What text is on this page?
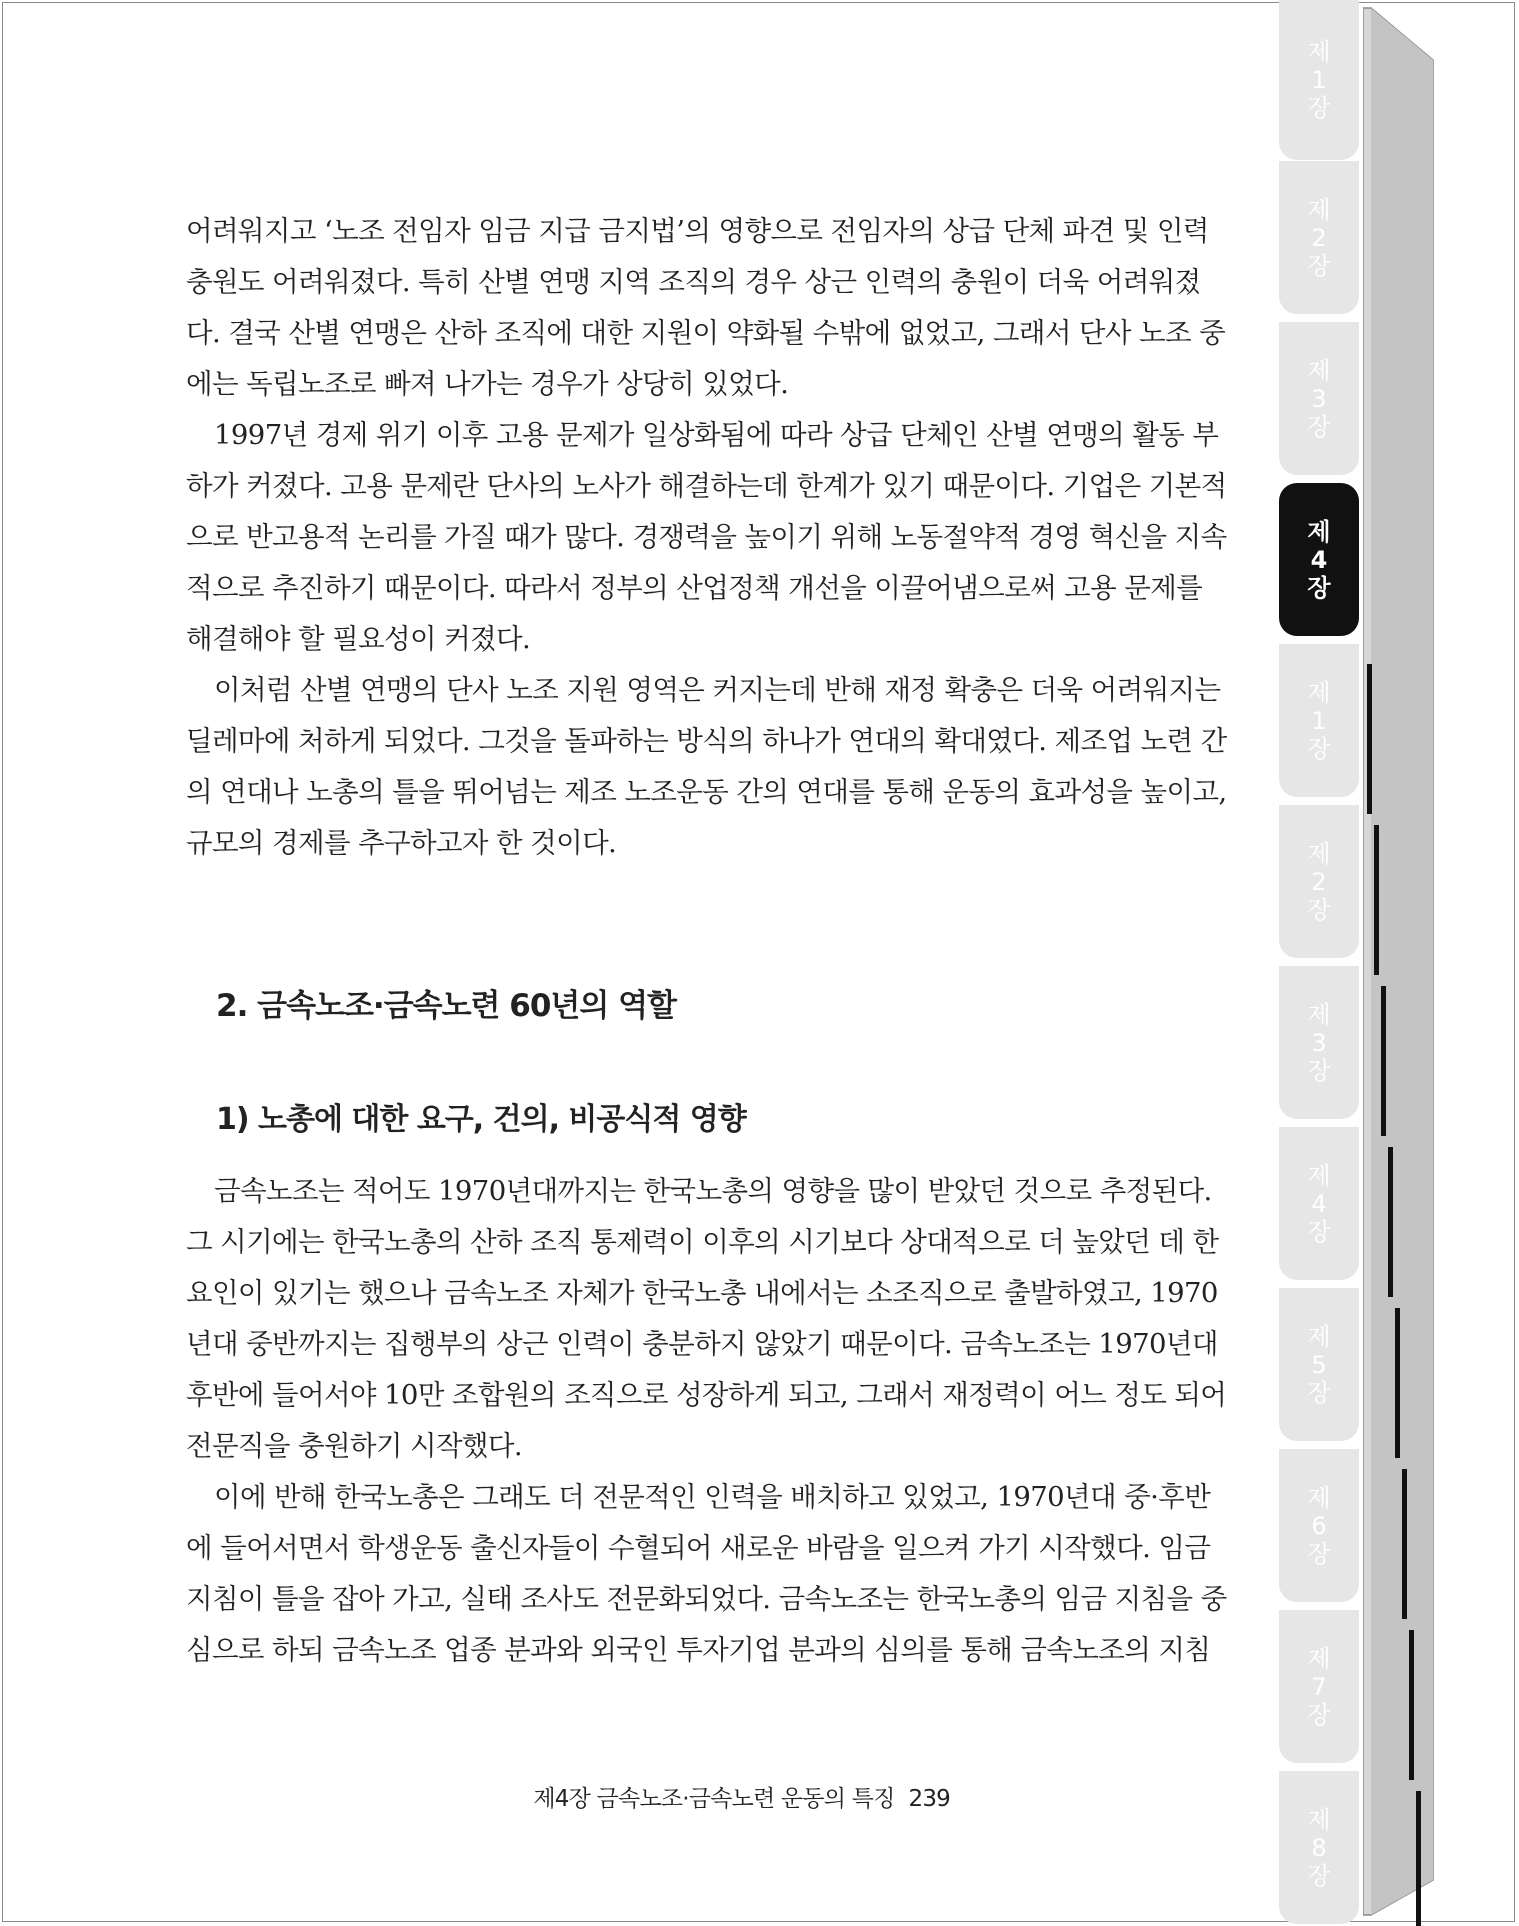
어려워지고 ‘노조 전임자 임금 지급 금지법’의 영향으로 전임자의 상급 단체 파견 및 인력

충원도 어려워졌다. 특히 산별 연맹 지역 조직의 경우 상근 인력의 충원이 더욱 어려워졌

다. 결국 산별 연맹은 산하 조직에 대한 지원이 약화될 수밖에 없었고, 그래서 단사 노조 중

에는 독립노조로 빠져 나가는 경우가 상당히 있었다.

1997년 경제 위기 이후 고용 문제가 일상화됨에 따라 상급 단체인 산별 연맹의 활동 부

하가 커졌다. 고용 문제란 단사의 노사가 해결하는데 한계가 있기 때문이다. 기업은 기본적

으로 반고용적 논리를 가질 때가 많다. 경쟁력을 높이기 위해 노동절약적 경영 혁신을 지속

적으로 추진하기 때문이다. 따라서 정부의 산업정책 개선을 이끌어냄으로써 고용 문제를

해결해야 할 필요성이 커졌다.

이처럼 산별 연맹의 단사 노조 지원 영역은 커지는데 반해 재정 확충은 더욱 어려워지는

딜레마에 처하게 되었다. 그것을 돌파하는 방식의 하나가 연대의 확대였다. 제조업 노련 간

의 연대나 노총의 틀을 뛰어넘는 제조 노조운동 간의 연대를 통해 운동의 효과성을 높이고,

규모의 경제를 추구하고자 한 것이다.

2. 금속노조·금속노련 60년의 역할
1) 노총에 대한 요구, 건의, 비공식적 영향

금속노조는 적어도 1970년대까지는 한국노총의 영향을 많이 받았던 것으로 추정된다.

그 시기에는 한국노총의 산하 조직 통제력이 이후의 시기보다 상대적으로 더 높았던 데 한

요인이 있기는 했으나 금속노조 자체가 한국노총 내에서는 소조직으로 출발하였고, 1970

년대 중반까지는 집행부의 상근 인력이 충분하지 않았기 때문이다. 금속노조는 1970년대

후반에 들어서야 10만 조합원의 조직으로 성장하게 되고, 그래서 재정력이 어느 정도 되어

전문직을 충원하기 시작했다.

이에 반해 한국노총은 그래도 더 전문적인 인력을 배치하고 있었고, 1970년대 중·후반

에 들어서면서 학생운동 출신자들이 수혈되어 새로운 바람을 일으켜 가기 시작했다. 임금

지침이 틀을 잡아 가고, 실태 조사도 전문화되었다. 금속노조는 한국노총의 임금 지침을 중

심으로 하되 금속노조 업종 분과와 외국인 투자기업 분과의 심의를 통해 금속노조의 지침

제4장 금속노조·금속노련 운동의 특징 239
제
1
장
제
2
장
제
3
장
제
4
장
제
1
장
제
2
장
제
3
장
제
4
장
제
5
장
제
6
장
제
7
장
제
8
장
